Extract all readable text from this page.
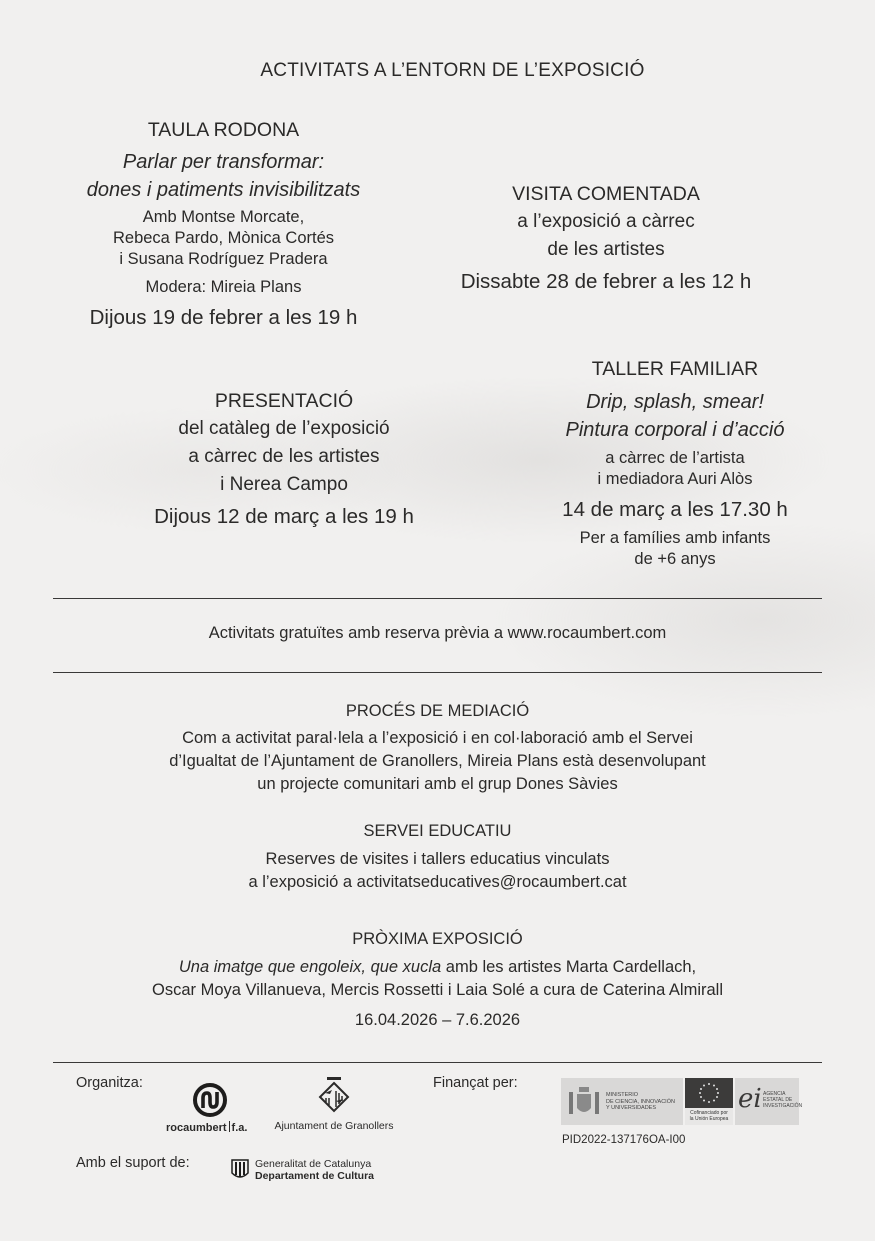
ACTIVITATS A L’ENTORN DE L’EXPOSICIÓ
TAULA RODONA
Parlar per transformar:
dones i patiments invisibilitzats
Amb Montse Morcate,
Rebeca Pardo, Mònica Cortés
i Susana Rodríguez Pradera
Modera: Mireia Plans
Dijous 19 de febrer a les 19 h
VISITA COMENTADA
a l’exposició a càrrec
de les artistes
Dissabte 28 de febrer a les 12 h
PRESENTACIÓ
del catàleg de l’exposició
a càrrec de les artistes
i Nerea Campo
Dijous 12 de març a les 19 h
TALLER FAMILIAR
Drip, splash, smear!
Pintura corporal i d’acció
a càrrec de l’artista
i mediadora Auri Alòs
14 de març a les 17.30 h
Per a famílies amb infants
de +6 anys
Activitats gratuïtes amb reserva prèvia a www.rocaumbert.com
PROCÉS DE MEDIACIÓ
Com a activitat paral·lela a l’exposició i en col·laboració amb el Servei
d’Igualtat de l’Ajuntament de Granollers, Mireia Plans està desenvolupant
un projecte comunitari amb el grup Dones Sàvies
SERVEI EDUCATIU
Reserves de visites i tallers educatius vinculats
a l’exposició a activitatseducatives@rocaumbert.cat
PRÒXIMA EXPOSICIÓ
Una imatge que engoleix, que xucla amb les artistes Marta Cardellach,
Oscar Moya Villanueva, Mercis Rossetti i Laia Solé a cura de Caterina Almirall
16.04.2026 – 7.6.2026
Organitza:
rocaumbert f.a.	Ajuntament de Granollers
Finançat per:
MINISTERIO
DE CIENCIA, INNOVACIÓN
Y UNIVERSIDADES
Cofinanciado por
la Unión Europea
ei AGENCIA
ESTATAL DE
INVESTIGACIÓN
PID2022-137176OA-I00
Amb el suport de:	Generalitat de Catalunya
Departament de Cultura
